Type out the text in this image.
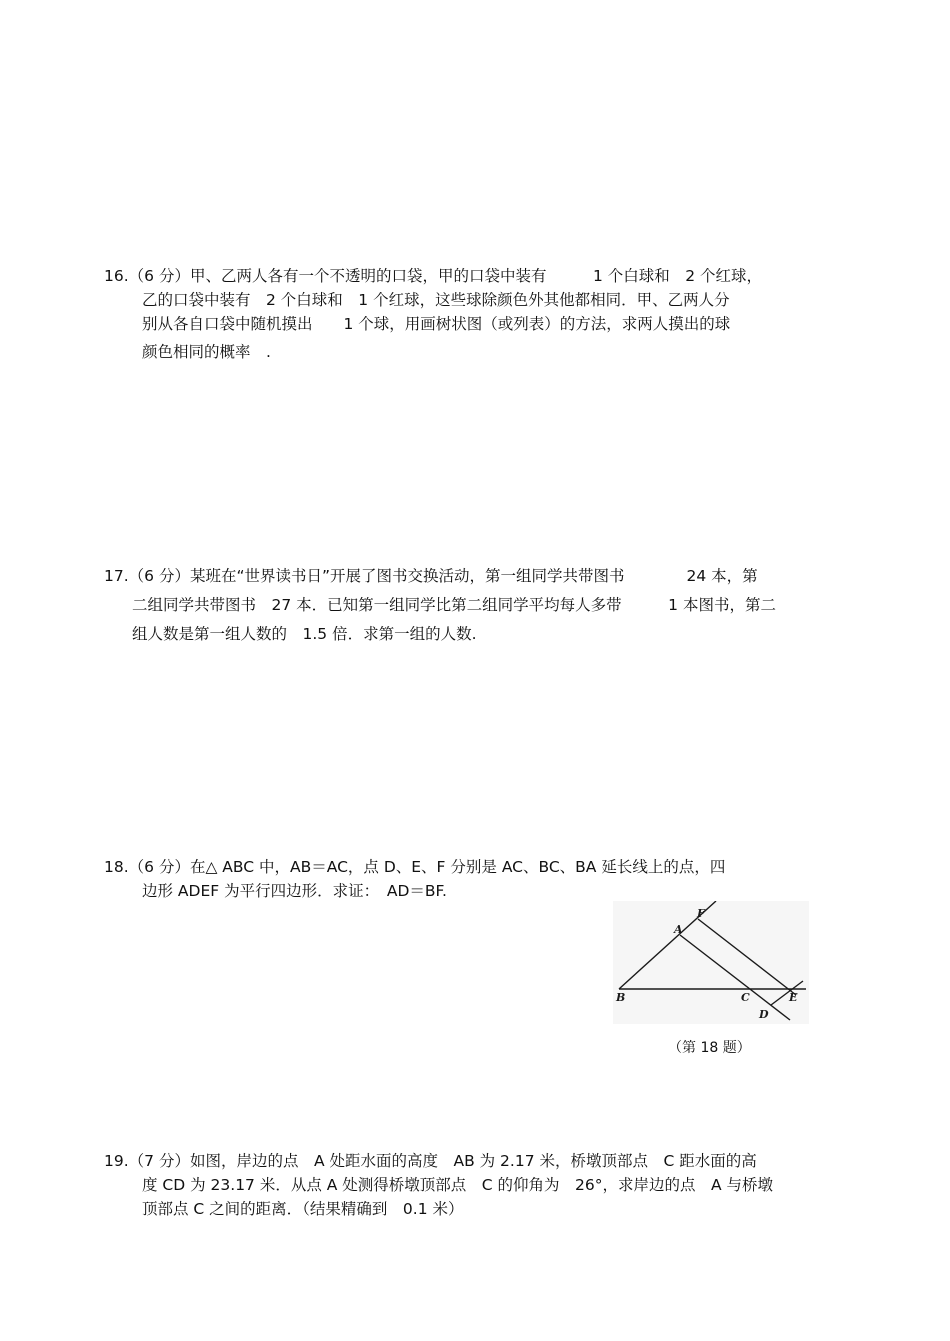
16.（6 分）甲、乙两人各有一个不透明的口袋，甲的口袋中装有　　　1 个白球和　2 个红球，
乙的口袋中装有　2 个白球和　1 个红球，这些球除颜色外其他都相同．甲、乙两人分
别从各自口袋中随机摸出　　1 个球，用画树状图（或列表）的方法，求两人摸出的球
颜色相同的概率　.
17.（6 分）某班在“世界读书日”开展了图书交换活动，第一组同学共带图书　　　　24 本，第
二组同学共带图书　27 本．已知第一组同学比第二组同学平均每人多带　　　1 本图书，第二
组人数是第一组人数的　1.5 倍．求第一组的人数.
18.（6 分）在△ ABC 中，AB＝AC，点 D、E、F 分别是 AC、BC、BA 延长线上的点，四
边形 ADEF 为平行四边形．求证：　AD＝BF.
A
B	C
D
E
F
（第 18 题）
19.（7 分）如图，岸边的点　A 处距水面的高度　AB 为 2.17 米，桥墩顶部点　C 距水面的高
度 CD 为 23.17 米．从点 A 处测得桥墩顶部点　C 的仰角为　26°，求岸边的点　A 与桥墩
顶部点 C 之间的距离．（结果精确到　0.1 米）
